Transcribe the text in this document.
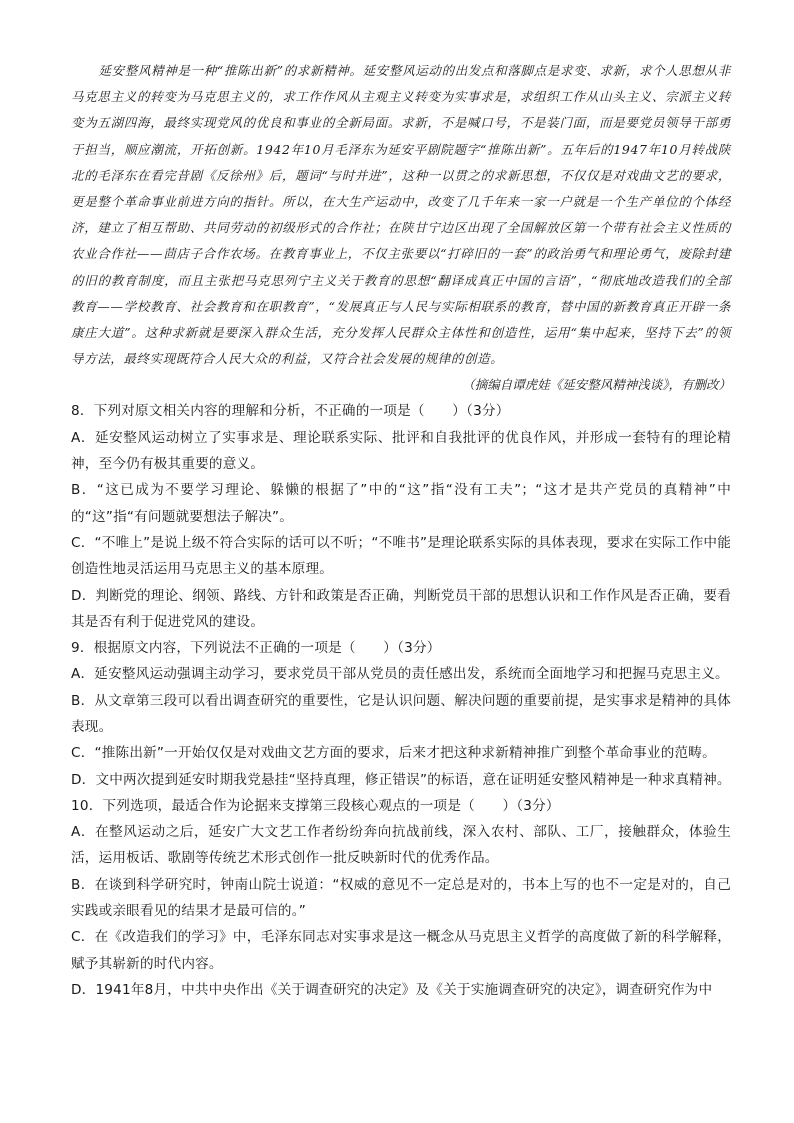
延安整风精神是一种“推陈出新”的求新精神。延安整风运动的出发点和落脚点是求变、求新，求个人思想从非马克思主义的转变为马克思主义的，求工作作风从主观主义转变为实事求是，求组织工作从山头主义、宗派主义转变为五湖四海，最终实现党风的优良和事业的全新局面。求新，不是喊口号，不是装门面，而是要党员领导干部勇于担当，顺应潮流，开拓创新。1942年10月毛泽东为延安平剧院题字“推陈出新”。五年后的1947年10月转战陕北的毛泽东在看完昔剧《反徐州》后，题词“与时并进”，这种一以贯之的求新思想，不仅仅是对戏曲文艺的要求，更是整个革命事业前进方向的指针。所以，在大生产运动中，改变了几千年来一家一户就是一个生产单位的个体经济，建立了相互帮助、共同劳动的初级形式的合作社；在陕甘宁边区出现了全国解放区第一个带有社会主义性质的农业合作社——茴店子合作农场。在教育事业上，不仅主张要以“打碎旧的一套”的政治勇气和理论勇气，废除封建的旧的教育制度，而且主张把马克思列宁主义关于教育的思想“翻译成真正中国的言语”，“彻底地改造我们的全部教育——学校教育、社会教育和在职教育”，“发展真正与人民与实际相联系的教育，替中国的新教育真正开辟一条康庄大道”。这种求新就是要深入群众生活，充分发挥人民群众主体性和创造性，运用“集中起来，坚持下去”的领导方法，最终实现既符合人民大众的利益，又符合社会发展的规律的创造。

（摘编自谭虎娃《延安整风精神浅谈》，有删改）

8．下列对原文相关内容的理解和分析，不正确的一项是（　　）（3分）

A．延安整风运动树立了实事求是、理论联系实际、批评和自我批评的优良作风，并形成一套特有的理论精神，至今仍有极其重要的意义。

B．“这已成为不要学习理论、躲懒的根据了”中的“这”指“没有工夫”；“这才是共产党员的真精神”中的“这”指“有问题就要想法子解决”。

C．“不唯上”是说上级不符合实际的话可以不听；“不唯书”是理论联系实际的具体表现，要求在实际工作中能创造性地灵活运用马克思主义的基本原理。

D．判断党的理论、纲领、路线、方针和政策是否正确，判断党员干部的思想认识和工作作风是否正确，要看其是否有利于促进党风的建设。

9．根据原文内容，下列说法不正确的一项是（　　）（3分）

A．延安整风运动强调主动学习，要求党员干部从党员的责任感出发，系统而全面地学习和把握马克思主义。

B．从文章第三段可以看出调查研究的重要性，它是认识问题、解决问题的重要前提，是实事求是精神的具体表现。

C．“推陈出新”一开始仅仅是对戏曲文艺方面的要求，后来才把这种求新精神推广到整个革命事业的范畴。

D．文中两次提到延安时期我党悬挂“坚持真理，修正错误”的标语，意在证明延安整风精神是一种求真精神。

10．下列选项，最适合作为论据来支撑第三段核心观点的一项是（　　）（3分）

A．在整风运动之后，延安广大文艺工作者纷纷奔向抗战前线，深入农村、部队、工厂，接触群众，体验生活，运用板话、歌剧等传统艺术形式创作一批反映新时代的优秀作品。

B．在谈到科学研究时，钟南山院士说道：“权威的意见不一定总是对的，书本上写的也不一定是对的，自己实践或亲眼看见的结果才是最可信的。”

C．在《改造我们的学习》中，毛泽东同志对实事求是这一概念从马克思主义哲学的高度做了新的科学解释，赋予其崭新的时代内容。

D．1941年8月，中共中央作出《关于调查研究的决定》及《关于实施调查研究的决定》，调查研究作为中
